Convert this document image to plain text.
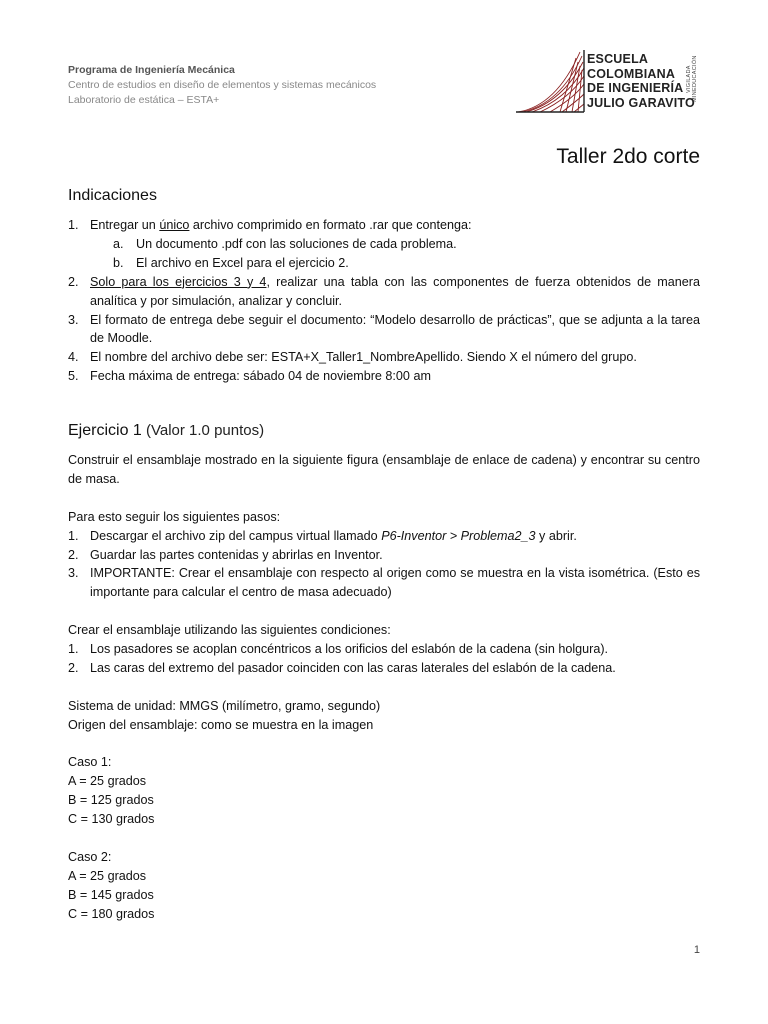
Programa de Ingeniería Mecánica
Centro de estudios en diseño de elementos y sistemas mecánicos
Laboratorio de estática – ESTA+
ESCUELA
COLOMBIANA
DE INGENIERÍA
JULIO GARAVITO
VIGILADA MINEDUCACIÓN
Taller 2do corte
Indicaciones
1. Entregar un único archivo comprimido en formato .rar que contenga:
a. Un documento .pdf con las soluciones de cada problema.
b. El archivo en Excel para el ejercicio 2.
2. Solo para los ejercicios 3 y 4, realizar una tabla con las componentes de fuerza obtenidos de manera analítica y por simulación, analizar y concluir.
3. El formato de entrega debe seguir el documento: “Modelo desarrollo de prácticas”, que se adjunta a la tarea de Moodle.
4. El nombre del archivo debe ser: ESTA+X_Taller1_NombreApellido. Siendo X el número del grupo.
5. Fecha máxima de entrega: sábado 04 de noviembre 8:00 am
Ejercicio 1 (Valor 1.0 puntos)
Construir el ensamblaje mostrado en la siguiente figura (ensamblaje de enlace de cadena) y encontrar su centro de masa.
Para esto seguir los siguientes pasos:
1. Descargar el archivo zip del campus virtual llamado P6-Inventor > Problema2_3 y abrir.
2. Guardar las partes contenidas y abrirlas en Inventor.
3. IMPORTANTE: Crear el ensamblaje con respecto al origen como se muestra en la vista isométrica. (Esto es importante para calcular el centro de masa adecuado)
Crear el ensamblaje utilizando las siguientes condiciones:
1. Los pasadores se acoplan concéntricos a los orificios del eslabón de la cadena (sin holgura).
2. Las caras del extremo del pasador coinciden con las caras laterales del eslabón de la cadena.
Sistema de unidad: MMGS (milímetro, gramo, segundo)
Origen del ensamblaje: como se muestra en la imagen
Caso 1:
A = 25 grados
B = 125 grados
C = 130 grados
Caso 2:
A = 25 grados
B = 145 grados
C = 180 grados
1
